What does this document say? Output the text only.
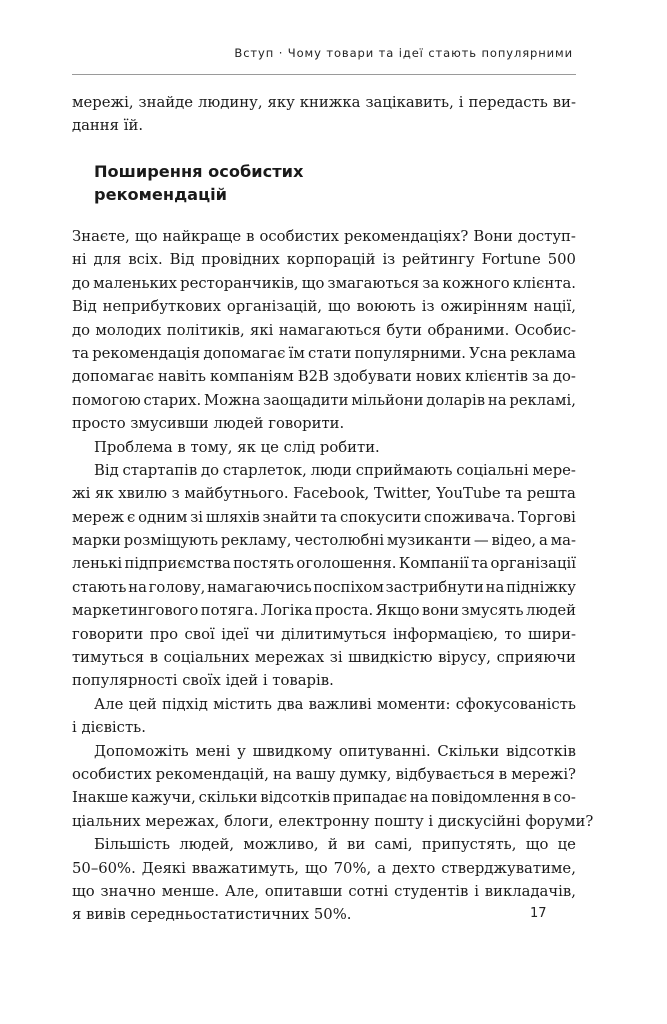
Вступ · Чому товари та ідеї стають популярними
мережі, знайде людину, яку книжка зацікавить, і передасть ви-
дання їй.
Поширення особистих
рекомендацій
Знаєте, що найкраще в особистих рекомендаціях? Вони доступ-
ні для всіх. Від провідних корпорацій із рейтингу Fortune 500
до маленьких ресторанчиків, що змагаються за кожного клієнта.
Від неприбуткових організацій, що воюють із ожирінням нації,
до молодих політиків, які намагаються бути обраними. Особис-
та рекомендація допомагає їм стати популярними. Усна реклама
допомагає навіть компаніям B2B здобувати нових клієнтів за до-
помогою старих. Можна заощадити мільйони доларів на рекламі,
просто змусивши людей говорити.
Проблема в тому, як це слід робити.
Від стартапів до старлеток, люди сприймають соціальні мере-
жі як хвилю з майбутнього. Facebook, Twitter, YouTube та решта
мереж є одним зі шляхів знайти та спокусити споживача. Торгові
марки розміщують рекламу, честолюбні музиканти — відео, а ма-
ленькі підприємства постять оголошення. Компанії та організації
стають на голову, намагаючись поспіхом застрибнути на підніжку
маркетингового потяга. Логіка проста. Якщо вони змусять людей
говорити про свої ідеї чи ділитимуться інформацією, то шири-
тимуться в соціальних мережах зі швидкістю вірусу, сприяючи
популярності своїх ідей і товарів.
Але цей підхід містить два важливі моменти: сфокусованість
і дієвість.
Допоможіть мені у швидкому опитуванні. Скільки відсотків
особистих рекомендацій, на вашу думку, відбувається в мережі?
Інакше кажучи, скільки відсотків припадає на повідомлення в со-
ціальних мережах, блоги, електронну пошту і дискусійні форуми?
Більшість людей, можливо, й ви самі, припустять, що це
50–60%. Деякі вважатимуть, що 70%, а дехто стверджуватиме,
що значно менше. Але, опитавши сотні студентів і викладачів,
я вивів середньостатистичних 50%.	17
